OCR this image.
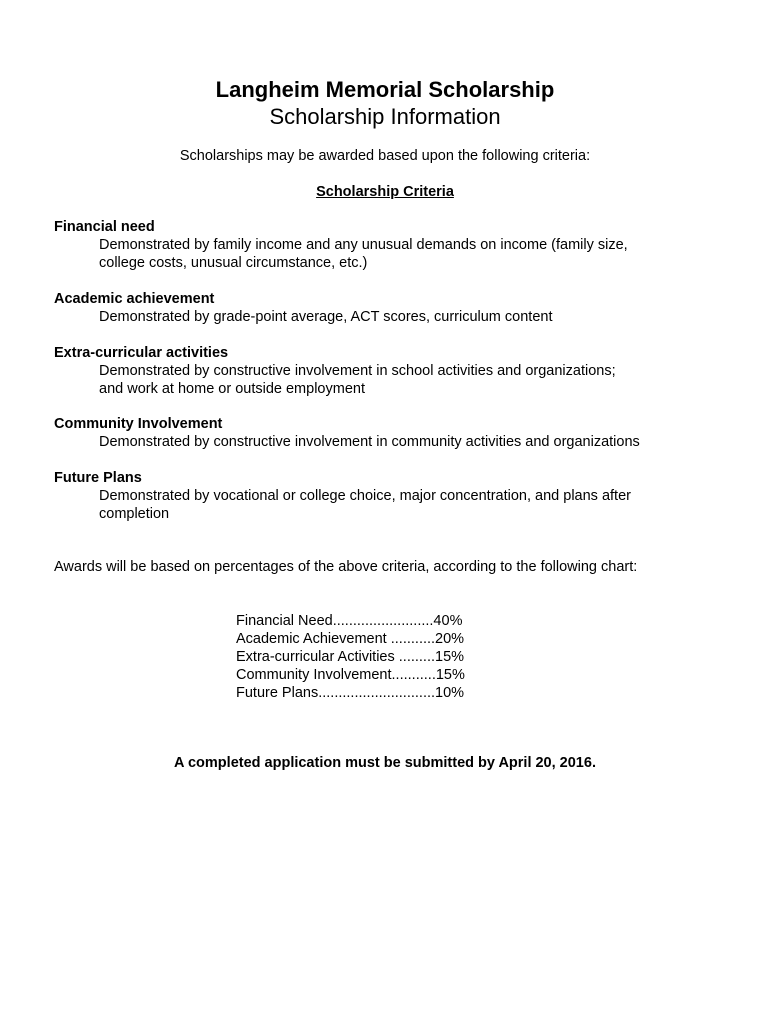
Langheim Memorial Scholarship
Scholarship Information
Scholarships may be awarded based upon the following criteria:
Scholarship Criteria
Financial need
Demonstrated by family income and any unusual demands on income (family size,
college costs, unusual circumstance, etc.)
Academic achievement
Demonstrated by grade-point average, ACT scores, curriculum content
Extra-curricular activities
Demonstrated by constructive involvement in school activities and organizations;
and work at home or outside employment
Community Involvement
Demonstrated by constructive involvement in community activities and organizations
Future Plans
Demonstrated by vocational or college choice, major concentration, and plans after
completion
Awards will be based on percentages of the above criteria, according to the following chart:
Financial Need.........................40%
Academic Achievement ...........20%
Extra-curricular Activities .........15%
Community Involvement...........15%
Future Plans.............................10%
A completed application must be submitted by April 20, 2016.
